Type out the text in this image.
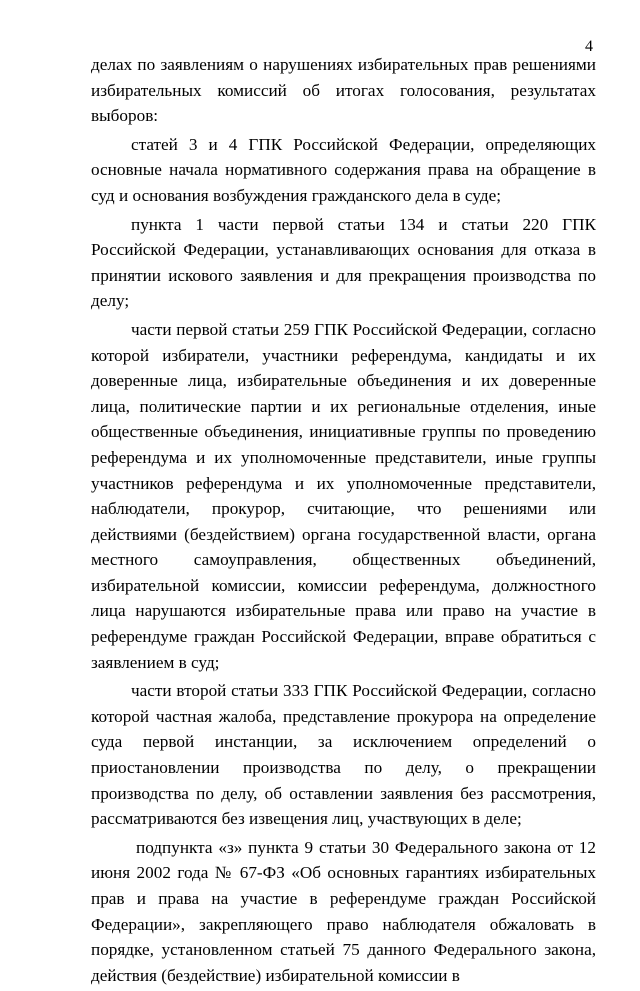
4

делах по заявлениям о нарушениях избирательных прав решениями избирательных комиссий об итогах голосования, результатах выборов:

статей 3 и 4 ГПК Российской Федерации, определяющих основные начала нормативного содержания права на обращение в суд и основания возбуждения гражданского дела в суде;

пункта 1 части первой статьи 134 и статьи 220 ГПК Российской Федерации, устанавливающих основания для отказа в принятии искового заявления и для прекращения производства по делу;

части первой статьи 259 ГПК Российской Федерации, согласно которой избиратели, участники референдума, кандидаты и их доверенные лица, избирательные объединения и их доверенные лица, политические партии и их региональные отделения, иные общественные объединения, инициативные группы по проведению референдума и их уполномоченные представители, иные группы участников референдума и их уполномоченные представители, наблюдатели, прокурор, считающие, что решениями или действиями (бездействием) органа государственной власти, органа местного самоуправления, общественных объединений, избирательной комиссии, комиссии референдума, должностного лица нарушаются избирательные права или право на участие в референдуме граждан Российской Федерации, вправе обратиться с заявлением в суд;

части второй статьи 333 ГПК Российской Федерации, согласно которой частная жалоба, представление прокурора на определение суда первой инстанции, за исключением определений о приостановлении производства по делу, о прекращении производства по делу, об оставлении заявления без рассмотрения, рассматриваются без извещения лиц, участвующих в деле;

подпункта «з» пункта 9 статьи 30 Федерального закона от 12 июня 2002 года № 67-ФЗ «Об основных гарантиях избирательных прав и права на участие в референдуме граждан Российской Федерации», закрепляющего право наблюдателя обжаловать в порядке, установленном статьей 75 данного Федерального закона, действия (бездействие) избирательной комиссии в
